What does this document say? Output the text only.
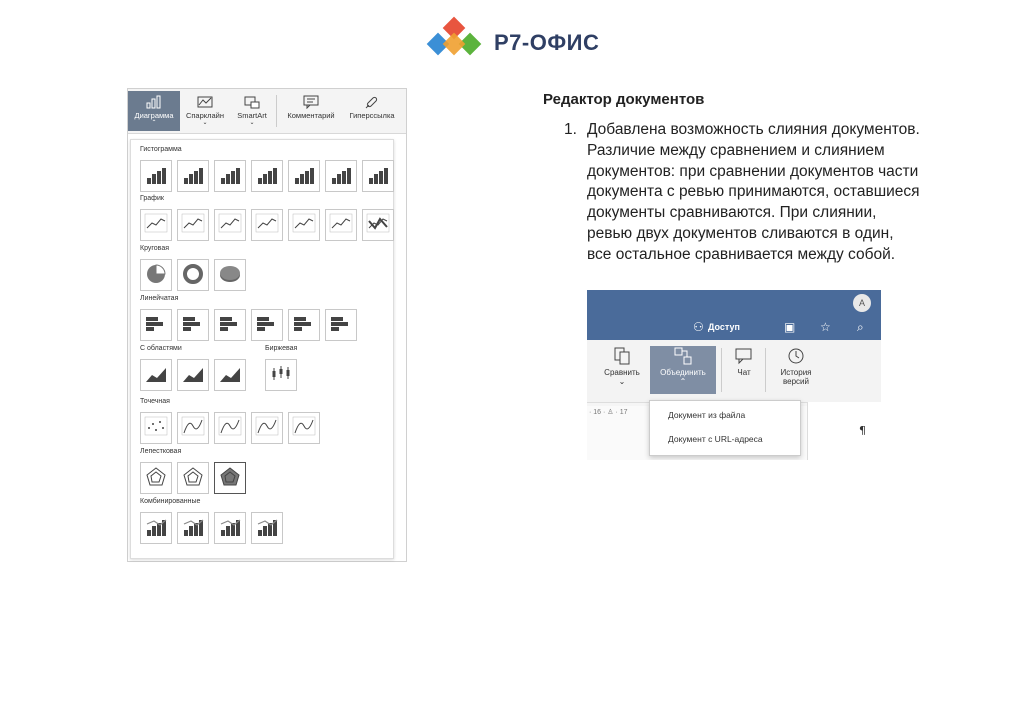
Р7-ОФИС
Диаграмма
⌃
Спарклайн
⌄
SmartArt
⌄
Комментарий	Гиперссылка
Гистограмма
График
Круговая
Линейчатая
С областями	Биржевая
Точечная
Лепестковая
Комбинированные
Редактор документов
1. Добавлена возможность слияния документов.
Различие между сравнением и слиянием
документов: при сравнении документов части
документа с ревью принимаются, оставшиеся
документы сравниваются. При слиянии,
ревью двух документов сливаются в один,
все остальное сравнивается между собой.
A
⚇ Доступ	▣ ☆ ⌕

Сравнить
⌄

Объединить
⌃

Чат	История
версий
· 16 · ♙ · 17
¶
Документ из файла
Документ с URL-адреса
